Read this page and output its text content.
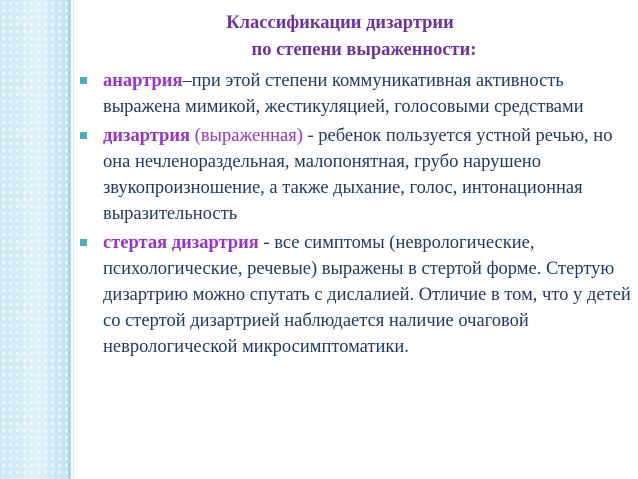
Классификации дизартрии
по степени выраженности:
анартрия–при этой степени коммуникативная активность выражена мимикой, жестикуляцией, голосовыми средствами
дизартрия (выраженная) - ребенок пользуется устной речью, но она нечленораздельная, малопонятная, грубо нарушено звукопроизношение, а также дыхание, голос, интонационная выразительность
стертая дизартрия - все симптомы (неврологические, психологические, речевые) выражены в стертой форме. Стертую дизартрию можно спутать с дислалией. Отличие в том, что у детей со стертой дизартрией наблюдается наличие очаговой неврологической микросимптоматики.
